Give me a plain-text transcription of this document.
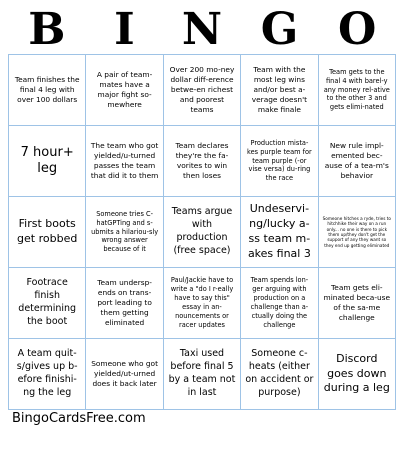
B	I	N G O
Team finishes the final 4 leg with over 100 dollars
A pair of team-mates have a major fight so-mewhere
Over 200 mo-ney dollar diff-erence betwe-en richest and poorest teams
Team with the most leg wins and/or best a-verage doesn't make finale
Team gets to the final 4 with barel-y any money rel-ative to the other 3 and gets elimi-nated
7 hour+ leg
The team who got yielded/u-turned passes the team that did it to them
Team declares they're the fa-vorites to win then loses
Production mista-kes purple team for team purple (-or vise versa) du-ring the race
New rule impl-emented bec-ause of a tea-m's behavior
First boots get robbed
Someone tries C-hatGPTing and s-ubmits a hilariou-sly wrong answer because of it
Teams argue with production (free space)
Undeservi-ng/lucky a-ss team m-akes final 3
Someone hitches a ryde, tries to hitchhike their way on a run only... no one is there to pick them up/they don't get the support of any they want so they end up getting eliminated
Footrace finish determining the boot
Team undersp-ends on trans-port leading to them getting eliminated
Paul/Jackie have to write a "do I r-eally have to say this" essay in an-nouncements or racer updates
Team spends lon-ger arguing with production on a challenge than a-ctually doing the challenge
Team gets eli-minated beca-use of the sa-me challenge
A team quit-s/gives up b-efore finishi-ng the leg
Someone who got yielded/ut-urned does it back later
Taxi used before final 5 by a team not in last
Someone c-heats (either on accident or purpose)
Discord goes down during a leg
BingoCardsFree.com
